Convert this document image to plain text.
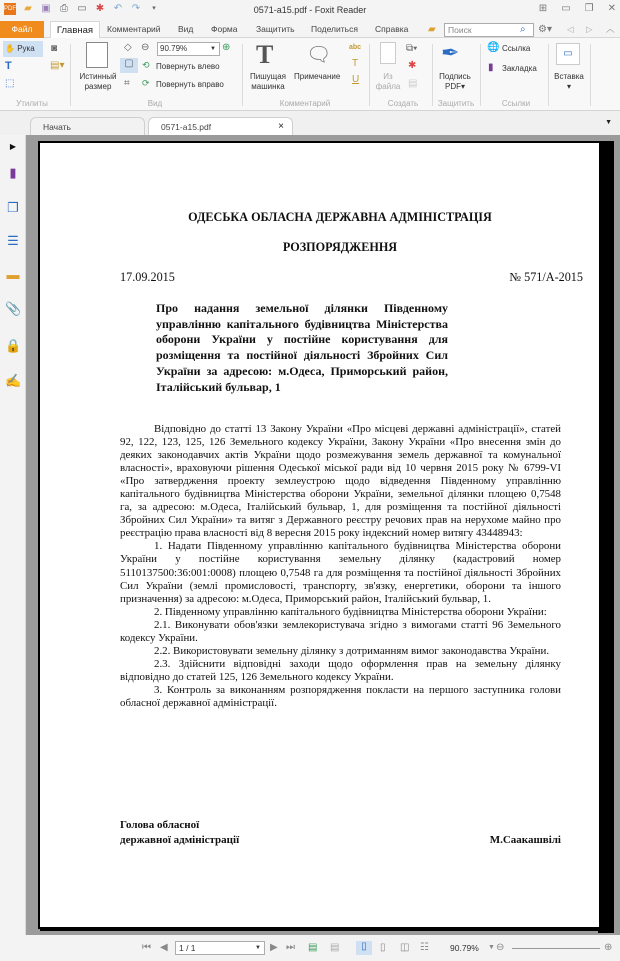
PDF ▰ ▣ ⎙ ▭ ✱ ↶ ↷	▾	0571-a15.pdf - Foxit Reader	⊞ ▭ ❐ ✕
Файл	Главная	Комментарий Вид Форма Защитить Поделиться Справка ▰	Поиск	⌕ ⚙▾ ◁ ▷ ︿
✋ Рука	◙
T	▤▾
⬚
Утилиты
Истинный
размер
◇ ⊖	90.79%	▼ ⊕
▢ ⟲ Повернуть влево
⌗ ⟳ Повернуть вправо
Вид
T
Пишущая
машинка
🗨
Примечание
abc
T
U
Комментарий
Из
файла
⧉▾
✱
▤
Создать
✒
Подпись
PDF▾
Защитить
🌐 Ссылка
▮ Закладка
Ссылки
▭
Вставка
▾
Начать	0571-a15.pdf	×	▼
▶
▮
❐
☰
▬
📎
🔒
✍
ОДЕСЬКА ОБЛАСНА ДЕРЖАВНА АДМІНІСТРАЦІЯ
РОЗПОРЯДЖЕННЯ
17.09.2015	№ 571/А-2015
Про надання земельної ділянки Південному управлінню капітального будівництва Міністерства оборони України у постійне користування для розміщення та постійної діяльності Збройних Сил України за адресою: м.Одеса, Приморський район, Італійський бульвар, 1

Відповідно до статті 13 Закону України «Про місцеві державні адміністрації», статей 92, 122, 123, 125, 126 Земельного кодексу України, Закону України «Про внесення змін до деяких законодавчих актів України щодо розмежування земель державної та комунальної власності», враховуючи рішення Одеської міської ради від 10 червня 2015 року № 6799-VI «Про затвердження проекту землеустрою щодо відведення Південному управлінню капітального будівництва Міністерства оборони України, земельної ділянки площею 0,7548 га, за адресою: м.Одеса, Італійський бульвар, 1, для розміщення та постійної діяльності Збройних Сил України» та витяг з Державного реєстру речових прав на нерухоме майно про реєстрацію права власності від 8 вересня 2015 року індексний номер витягу 43448943:

1. Надати Південному управлінню капітального будівництва Міністерства оборони України у постійне користування земельну ділянку (кадастровий номер 5110137500:36:001:0008) площею 0,7548 га для розміщення та постійної діяльності Збройних Сил України (землі промисловості, транспорту, зв'язку, енергетики, оборони та іншого призначення) за адресою: м.Одеса, Приморський район, Італійський бульвар, 1.

2. Південному управлінню капітального будівництва Міністерства оборони України:

2.1. Виконувати обов'язки землекористувача згідно з вимогами статті 96 Земельного кодексу України.

2.2. Використовувати земельну ділянку з дотриманням вимог законодавства України.

2.3. Здійснити відповідні заходи щодо оформлення прав на земельну ділянку відповідно до статей 125, 126 Земельного кодексу України.

3. Контроль за виконанням розпорядження покласти на першого заступника голови обласної державної адміністрації.

Голова обласної
державної адміністрації	М.Саакашвілі
⏮ ◀	1 / 1	▼ ▶ ⏭ ▤ ▤	▯	▯ ◫ ☷ 90.79% ▼ ⊖	⊕
